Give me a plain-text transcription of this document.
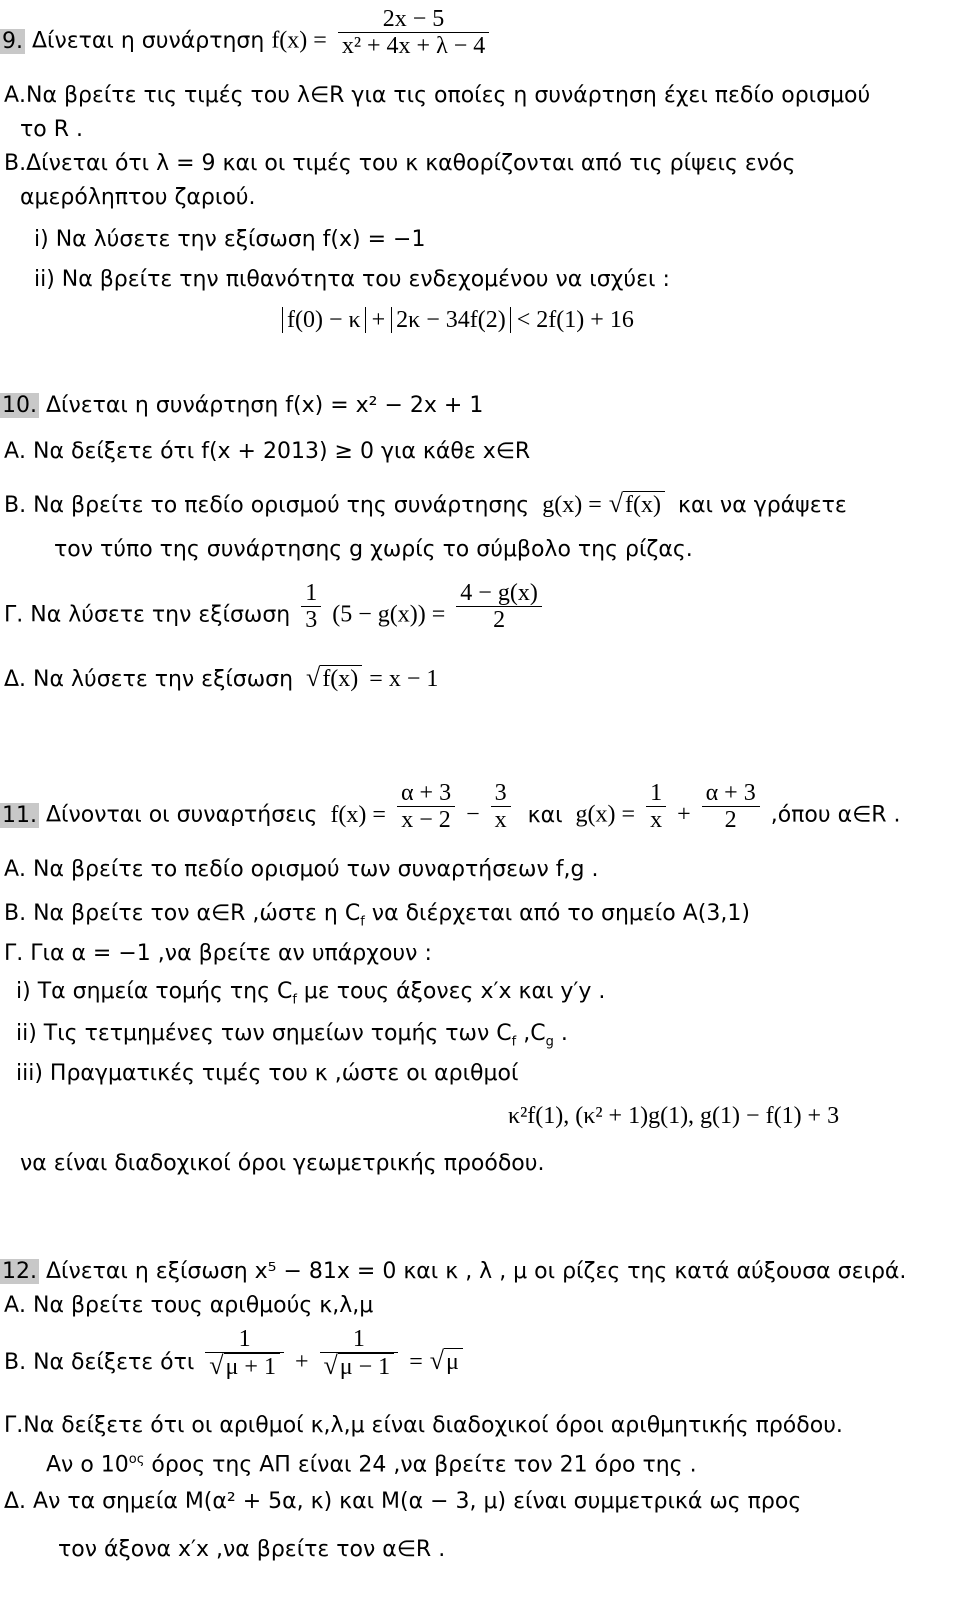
9. Δίνεται η συνάρτηση $f(x) = \frac{2x - 5}{\text{x² + 4x + λ − 4}}$
Α.Να βρείτε τις τιμές του λ∈R για τις οποίες η συνάρτηση έχει πεδίο ορισμού
το R .
Β.Δίνεται ότι λ = 9 και οι τιμές του κ καθορίζονται από τις ρίψεις ενός
αμερόληπτου ζαριού.
i) Να λύσετε την εξίσωση f(x) = −1
ii) Να βρείτε την πιθανότητα του ενδεχομένου να ισχύει :
f(0) − κ + 2κ − 34f(2) < 2f(1) + 16
10. Δίνεται η συνάρτηση f(x) = x² − 2x + 1
Α. Να δείξετε ότι f(x + 2013) ≥ 0 για κάθε x∈R
Β. Να βρείτε το πεδίο ορισμού της συνάρτησης g(x) = √ f(x) και να γράψετε
τον τύπο της συνάρτησης g χωρίς το σύμβολο της ρίζας.
Γ. Να λύσετε την εξίσωση $\frac{1}{3} (5 - g(x)) = \frac{4 - g(x)}{2}$
Δ. Να λύσετε την εξίσωση √ f(x) = x − 1
11. Δίνονται οι συναρτήσεις $f(x) = \frac{\alpha + 3}{x - 2} - \frac{3}{x}$ και $g(x) = \frac{1}{x} + \frac{\alpha + 3}{2} ,ό\pi o\upsilon$ α∈R .
Α. Να βρείτε το πεδίο ορισμού των συναρτήσεων f,g .
Β. Να βρείτε τον α∈R ,ώστε η $C_f$ να διέρχεται από το σημείο Α(3,1)
Γ. Για α = −1 ,να βρείτε αν υπάρχουν :
i) Τα σημεία τομής της $C_f$ με τους άξονες x′x και y′y .
ii) Τις τετμημένες των σημείων τομής των $C_f$ $,C_g$ .
iii) Πραγματικές τιμές του κ ,ώστε οι αριθμοί
κ²f(1), (κ² + 1)g(1), g(1) − f(1) + 3
να είναι διαδοχικοί όροι γεωμετρικής προόδου.
12. Δίνεται η εξίσωση x⁵ − 81x = 0 και κ , λ , μ οι ρίζες της κατά αύξουσα σειρά.
Α. Να βρείτε τους αριθμούς κ,λ,μ
Β. Να δείξετε ότι 1
√ μ + 1 + 1
√ μ − 1 = √ μ
Γ.Να δείξετε ότι οι αριθμοί κ,λ,μ είναι διαδοχικοί όροι αριθμητικής πρόδου.
Αν ο $10^{o\varsigma}$ όρος της ΑΠ είναι 24 ,να βρείτε τον 21 όρο της .
Δ. Αν τα σημεία Μ(α² + 5α, κ) και Μ(α − 3, μ) είναι συμμετρικά ως προς
τον άξονα x′x ,να βρείτε τον α∈R .
